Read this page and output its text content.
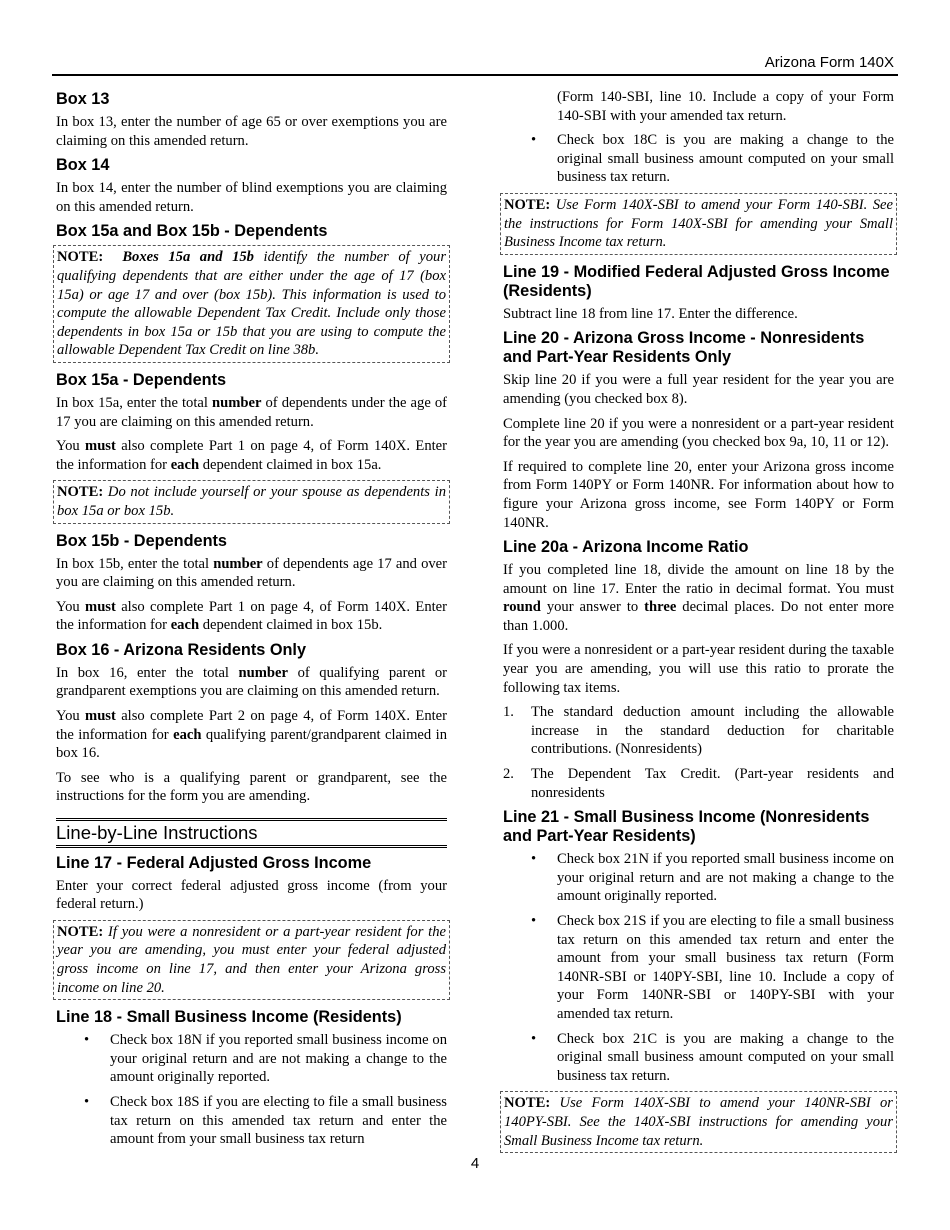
Arizona Form 140X
Box 13

In box 13, enter the number of age 65 or over exemptions you are claiming on this amended return.

Box 14

In box 14, enter the number of blind exemptions you are claiming on this amended return.

Box 15a and Box 15b - Dependents
NOTE: Boxes 15a and 15b identify the number of your qualifying dependents that are either under the age of 17 (box 15a) or age 17 and over (box 15b). This information is used to compute the allowable Dependent Tax Credit. Include only those dependents in box 15a or 15b that you are using to compute the allowable Dependent Tax Credit on line 38b.
Box 15a - Dependents

In box 15a, enter the total number of dependents under the age of 17 you are claiming on this amended return.

You must also complete Part 1 on page 4, of Form 140X. Enter the information for each dependent claimed in box 15a.

NOTE: Do not include yourself or your spouse as dependents in box 15a or box 15b.
Box 15b - Dependents

In box 15b, enter the total number of dependents age 17 and over you are claiming on this amended return.

You must also complete Part 1 on page 4, of Form 140X. Enter the information for each dependent claimed in box 15b.

Box 16 - Arizona Residents Only

In box 16, enter the total number of qualifying parent or grandparent exemptions you are claiming on this amended return.

You must also complete Part 2 on page 4, of Form 140X. Enter the information for each qualifying parent/grandparent claimed in box 16.

To see who is a qualifying parent or grandparent, see the instructions for the form you are amending.

Line-by-Line Instructions
Line 17 - Federal Adjusted Gross Income

Enter your correct federal adjusted gross income (from your federal return.)

NOTE: If you were a nonresident or a part-year resident for the year you are amending, you must enter your federal adjusted gross income on line 17, and then enter your Arizona gross income on line 20.
Line 18 - Small Business Income (Residents)
• Check box 18N if you reported small business income on your original return and are not making a change to the amount originally reported.
• Check box 18S if you are electing to file a small business tax return on this amended tax return and enter the amount from your small business tax return

(Form 140-SBI, line 10. Include a copy of your Form 140-SBI with your amended tax return.

• Check box 18C is you are making a change to the original small business amount computed on your small business tax return.
NOTE: Use Form 140X-SBI to amend your Form 140-SBI. See the instructions for Form 140X-SBI for amending your Small Business Income tax return.
Line 19 - Modified Federal Adjusted Gross Income (Residents)

Subtract line 18 from line 17. Enter the difference.

Line 20 - Arizona Gross Income - Nonresidents and Part-Year Residents Only

Skip line 20 if you were a full year resident for the year you are amending (you checked box 8).

Complete line 20 if you were a nonresident or a part-year resident for the year you are amending (you checked box 9a, 10, 11 or 12).

If required to complete line 20, enter your Arizona gross income from Form 140PY or Form 140NR. For information about how to figure your Arizona gross income, see Form 140PY or Form 140NR.

Line 20a - Arizona Income Ratio

If you completed line 18, divide the amount on line 18 by the amount on line 17. Enter the ratio in decimal format. You must round your answer to three decimal places. Do not enter more than 1.000.

If you were a nonresident or a part-year resident during the taxable year you are amending, you will use this ratio to prorate the following tax items.

1. The standard deduction amount including the allowable increase in the standard deduction for charitable contributions. (Nonresidents)
2. The Dependent Tax Credit. (Part-year residents and nonresidents
Line 21 - Small Business Income (Nonresidents and Part-Year Residents)
• Check box 21N if you reported small business income on your original return and are not making a change to the amount originally reported.
• Check box 21S if you are electing to file a small business tax return on this amended tax return and enter the amount from your small business tax return (Form 140NR-SBI or 140PY-SBI, line 10. Include a copy of your Form 140NR-SBI or 140PY-SBI with your amended tax return.
• Check box 21C is you are making a change to the original small business amount computed on your small business tax return.
NOTE: Use Form 140X-SBI to amend your 140NR-SBI or 140PY-SBI. See the 140X-SBI instructions for amending your Small Business Income tax return.
4
